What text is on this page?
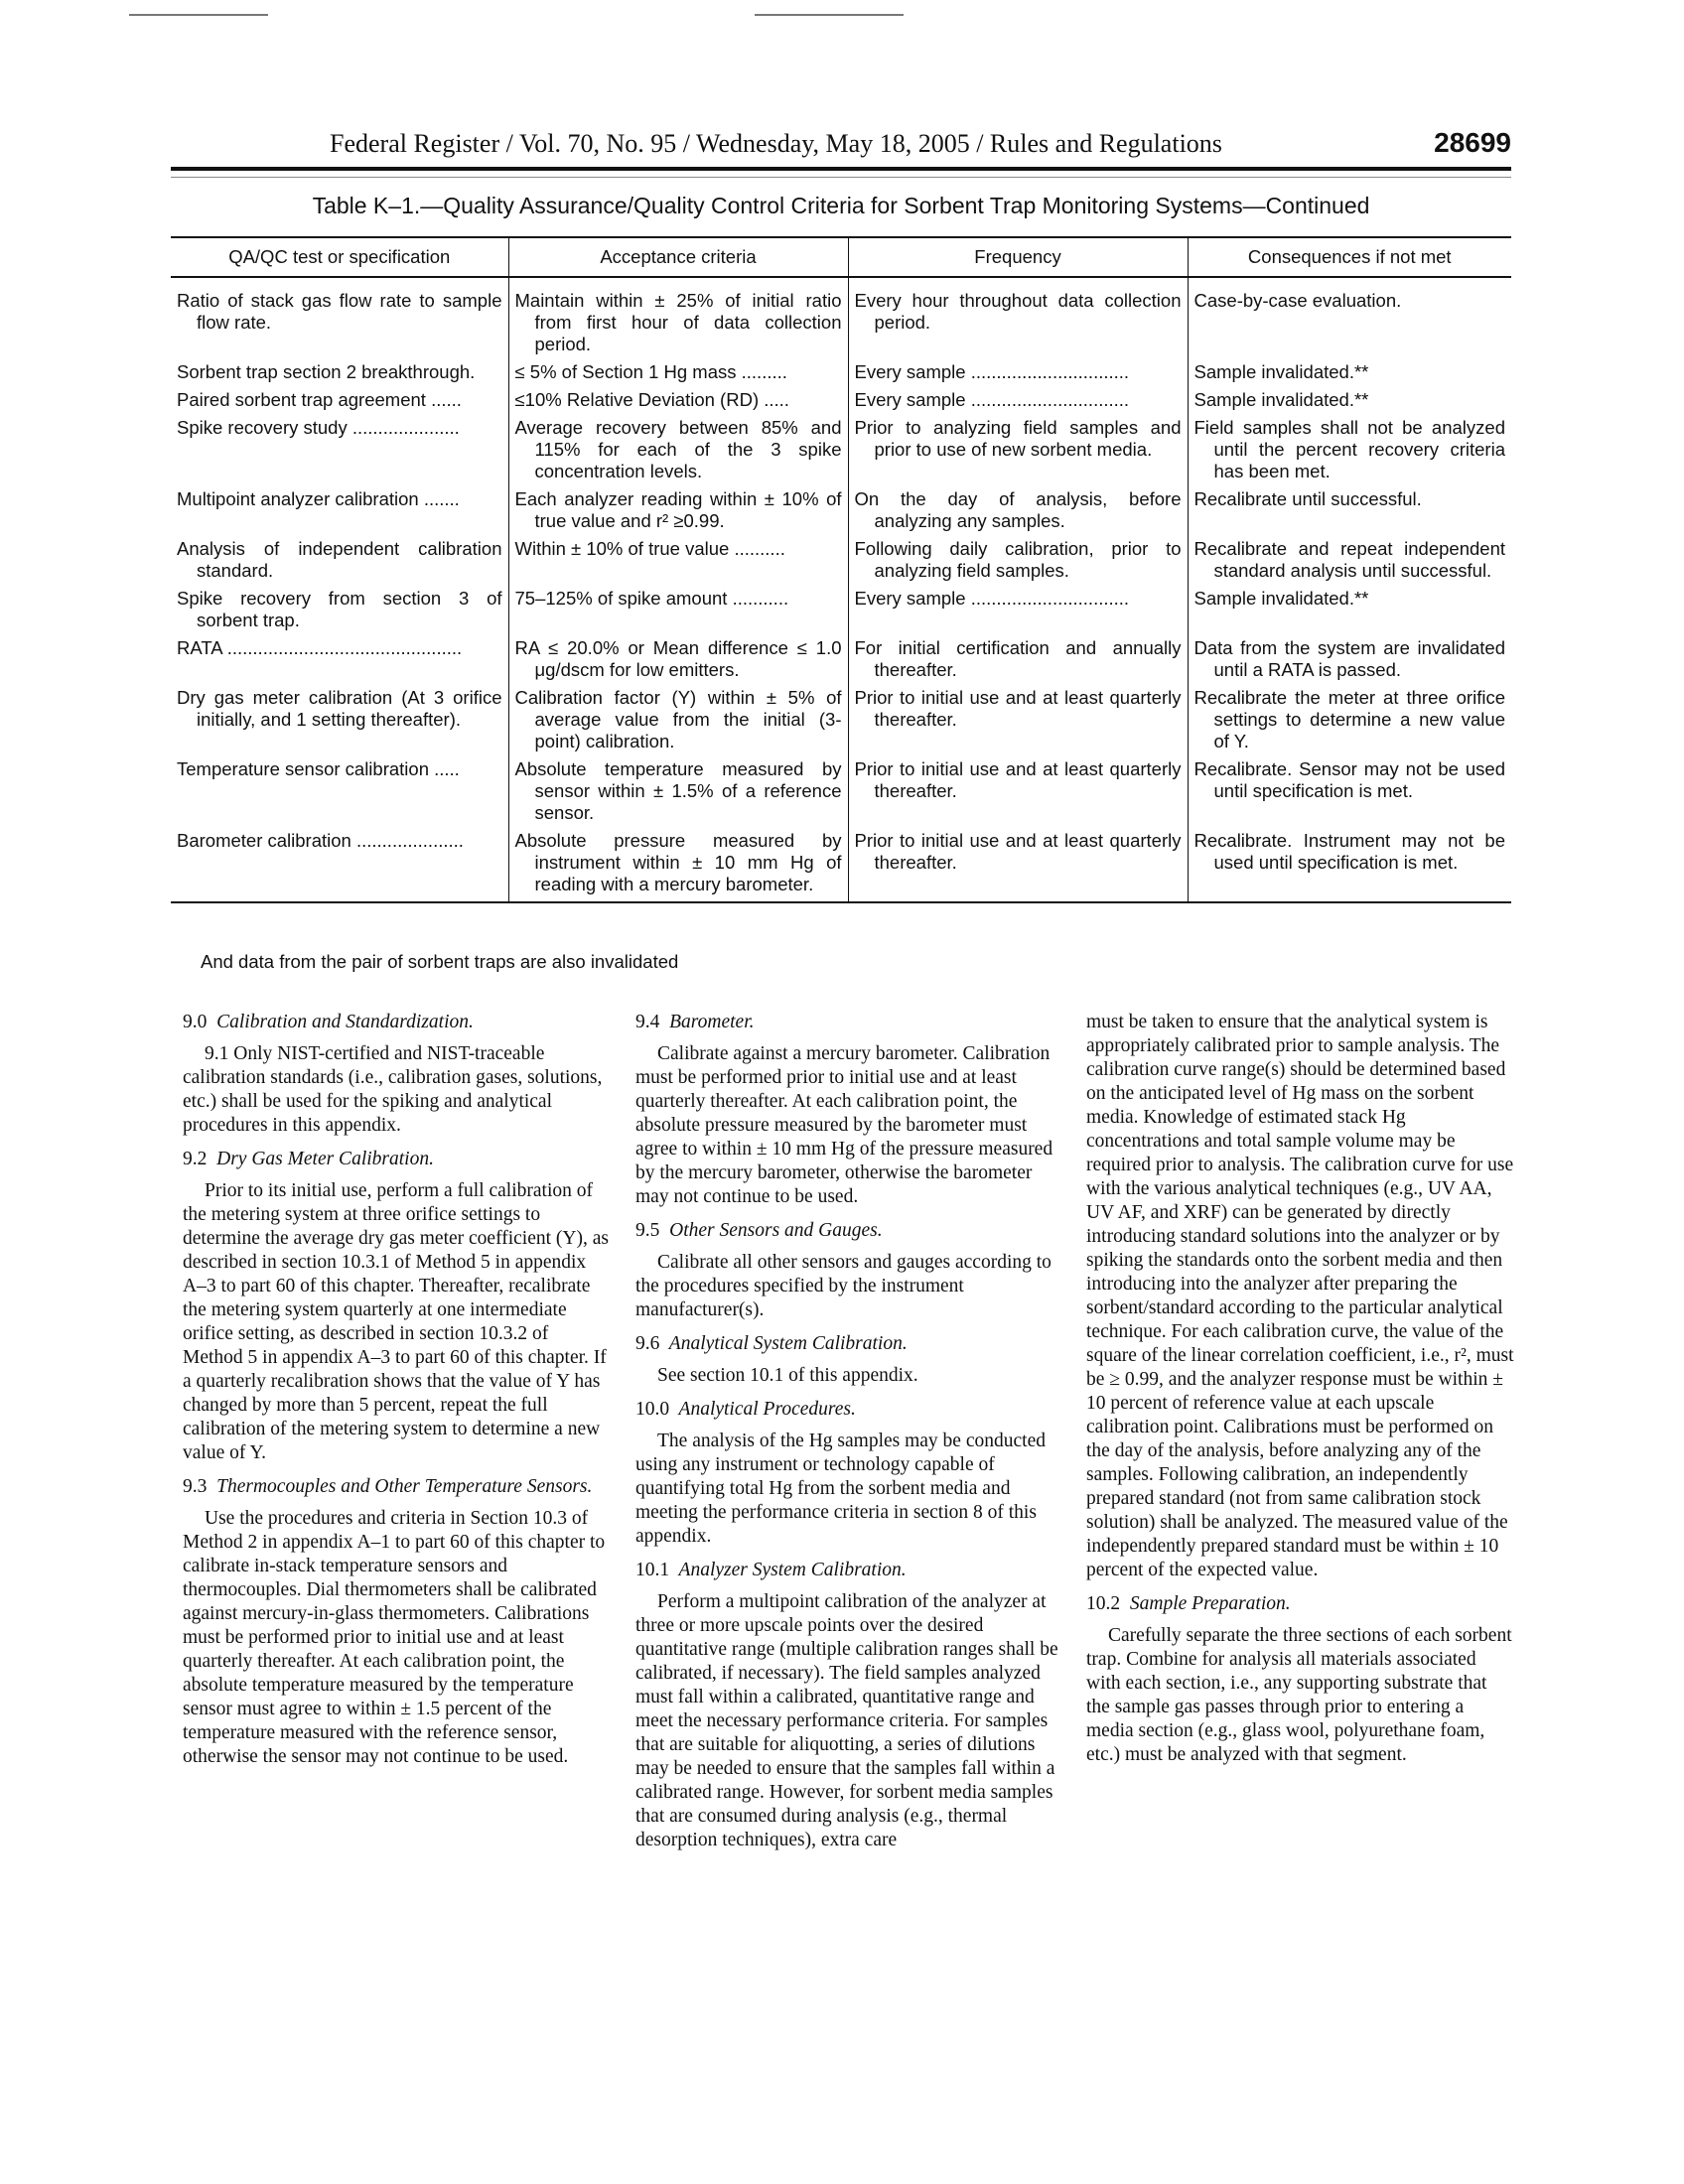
Federal Register / Vol. 70, No. 95 / Wednesday, May 18, 2005 / Rules and Regulations	28699
Table K–1.—Quality Assurance/Quality Control Criteria for Sorbent Trap Monitoring Systems—Continued
QA/QC test or specification	Acceptance criteria	Frequency	Consequences if not met

Ratio of stack gas flow rate to sample flow rate.	Maintain within ± 25% of initial ratio from first hour of data collection period.	Every hour throughout data collection period.	Case-by-case evaluation.

Sorbent trap section 2 breakthrough.	≤ 5% of Section 1 Hg mass .........	Every sample ...............................	Sample invalidated.**

Paired sorbent trap agreement ......	≤10% Relative Deviation (RD) .....	Every sample ...............................	Sample invalidated.**

Spike recovery study .....................	Average recovery between 85% and 115% for each of the 3 spike concentration levels.	Prior to analyzing field samples and prior to use of new sorbent media.	Field samples shall not be analyzed until the percent recovery criteria has been met.

Multipoint analyzer calibration .......	Each analyzer reading within ± 10% of true value and r² ≥0.99.	On the day of analysis, before analyzing any samples.	Recalibrate until successful.

Analysis of independent calibration standard.	Within ± 10% of true value ..........	Following daily calibration, prior to analyzing field samples.	Recalibrate and repeat independent standard analysis until successful.

Spike recovery from section 3 of sorbent trap.	75–125% of spike amount ...........	Every sample ...............................	Sample invalidated.**

RATA ..............................................	RA ≤ 20.0% or Mean difference ≤ 1.0 μg/dscm for low emitters.	For initial certification and annually thereafter.	Data from the system are invalidated until a RATA is passed.

Dry gas meter calibration (At 3 orifice initially, and 1 setting thereafter).	Calibration factor (Y) within ± 5% of average value from the initial (3-point) calibration.	Prior to initial use and at least quarterly thereafter.	Recalibrate the meter at three orifice settings to determine a new value of Y.

Temperature sensor calibration .....	Absolute temperature measured by sensor within ± 1.5% of a reference sensor.	Prior to initial use and at least quarterly thereafter.	Recalibrate. Sensor may not be used until specification is met.

Barometer calibration .....................	Absolute pressure measured by instrument within ± 10 mm Hg of reading with a mercury barometer.	Prior to initial use and at least quarterly thereafter.	Recalibrate. Instrument may not be used until specification is met.
And data from the pair of sorbent traps are also invalidated
9.0 Calibration and Standardization.

9.1 Only NIST-certified and NIST-traceable calibration standards (i.e., calibration gases, solutions, etc.) shall be used for the spiking and analytical procedures in this appendix.

9.2 Dry Gas Meter Calibration.

Prior to its initial use, perform a full calibration of the metering system at three orifice settings to determine the average dry gas meter coefficient (Y), as described in section 10.3.1 of Method 5 in appendix A–3 to part 60 of this chapter. Thereafter, recalibrate the metering system quarterly at one intermediate orifice setting, as described in section 10.3.2 of Method 5 in appendix A–3 to part 60 of this chapter. If a quarterly recalibration shows that the value of Y has changed by more than 5 percent, repeat the full calibration of the metering system to determine a new value of Y.

9.3 Thermocouples and Other Temperature Sensors.

Use the procedures and criteria in Section 10.3 of Method 2 in appendix A–1 to part 60 of this chapter to calibrate in-stack temperature sensors and thermocouples. Dial thermometers shall be calibrated against mercury-in-glass thermometers. Calibrations must be performed prior to initial use and at least quarterly thereafter. At each calibration point, the absolute temperature measured by the temperature sensor must agree to within ± 1.5 percent of the temperature measured with the reference sensor, otherwise the sensor may not continue to be used.

9.4 Barometer.

Calibrate against a mercury barometer. Calibration must be performed prior to initial use and at least quarterly thereafter. At each calibration point, the absolute pressure measured by the barometer must agree to within ± 10 mm Hg of the pressure measured by the mercury barometer, otherwise the barometer may not continue to be used.

9.5 Other Sensors and Gauges.

Calibrate all other sensors and gauges according to the procedures specified by the instrument manufacturer(s).

9.6 Analytical System Calibration.

See section 10.1 of this appendix.

10.0 Analytical Procedures.

The analysis of the Hg samples may be conducted using any instrument or technology capable of quantifying total Hg from the sorbent media and meeting the performance criteria in section 8 of this appendix.

10.1 Analyzer System Calibration.

Perform a multipoint calibration of the analyzer at three or more upscale points over the desired quantitative range (multiple calibration ranges shall be calibrated, if necessary). The field samples analyzed must fall within a calibrated, quantitative range and meet the necessary performance criteria. For samples that are suitable for aliquotting, a series of dilutions may be needed to ensure that the samples fall within a calibrated range. However, for sorbent media samples that are consumed during analysis (e.g., thermal desorption techniques), extra care

must be taken to ensure that the analytical system is appropriately calibrated prior to sample analysis. The calibration curve range(s) should be determined based on the anticipated level of Hg mass on the sorbent media. Knowledge of estimated stack Hg concentrations and total sample volume may be required prior to analysis. The calibration curve for use with the various analytical techniques (e.g., UV AA, UV AF, and XRF) can be generated by directly introducing standard solutions into the analyzer or by spiking the standards onto the sorbent media and then introducing into the analyzer after preparing the sorbent/standard according to the particular analytical technique. For each calibration curve, the value of the square of the linear correlation coefficient, i.e., r², must be ≥ 0.99, and the analyzer response must be within ± 10 percent of reference value at each upscale calibration point. Calibrations must be performed on the day of the analysis, before analyzing any of the samples. Following calibration, an independently prepared standard (not from same calibration stock solution) shall be analyzed. The measured value of the independently prepared standard must be within ± 10 percent of the expected value.

10.2 Sample Preparation.

Carefully separate the three sections of each sorbent trap. Combine for analysis all materials associated with each section, i.e., any supporting substrate that the sample gas passes through prior to entering a media section (e.g., glass wool, polyurethane foam, etc.) must be analyzed with that segment.
